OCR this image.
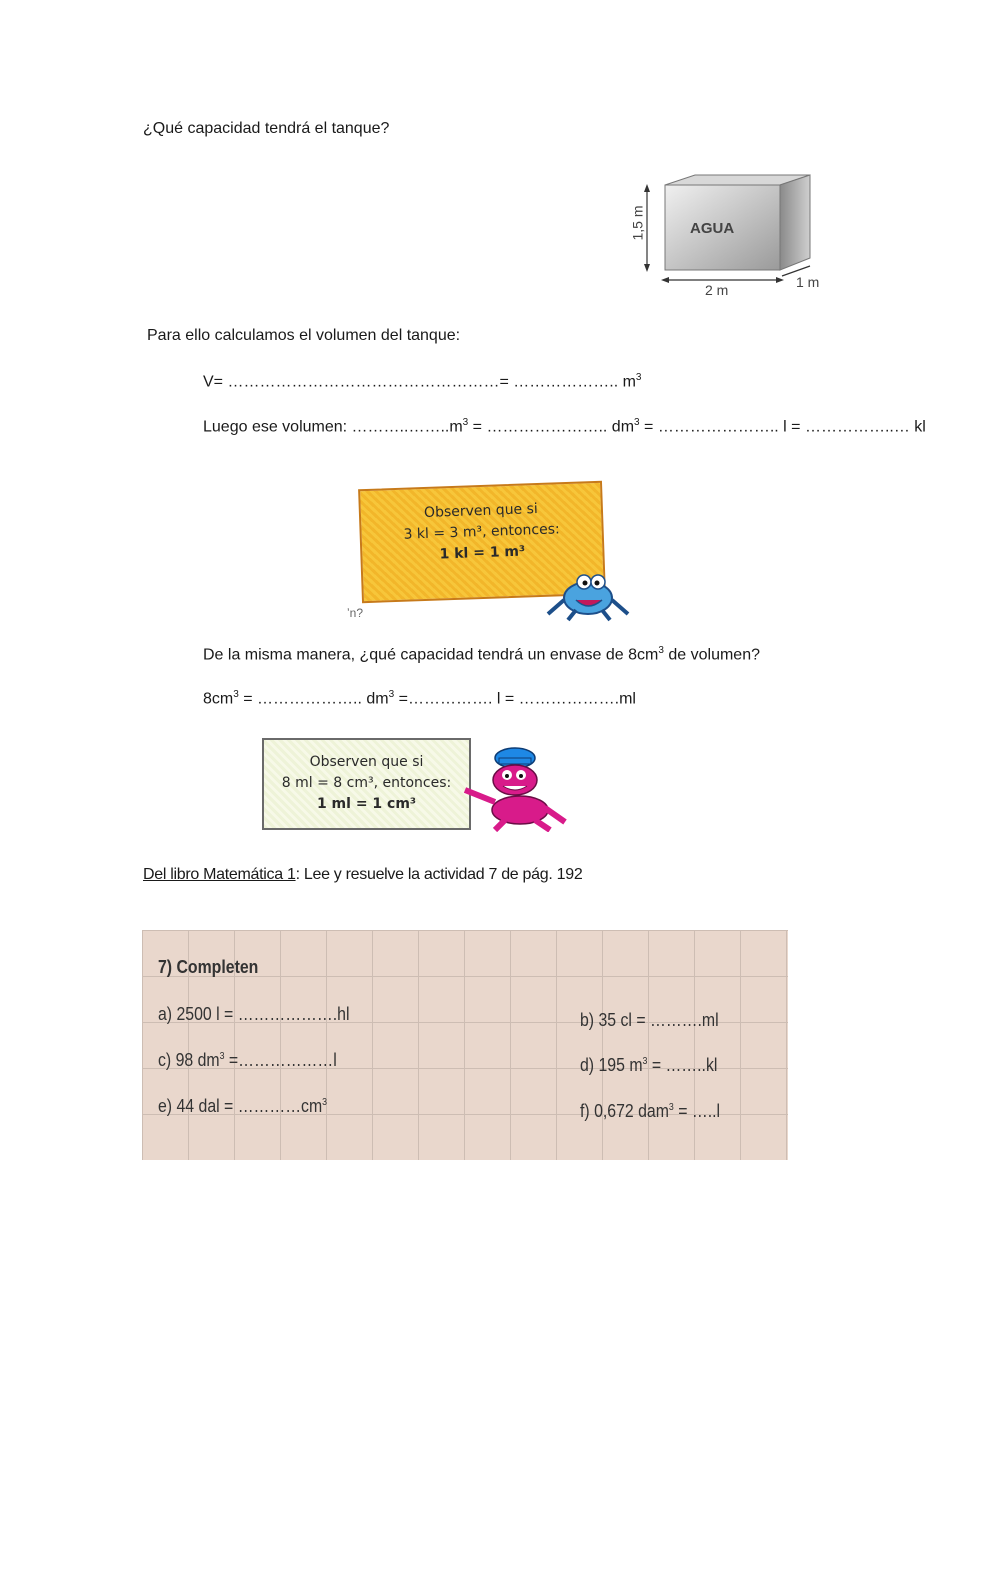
¿Qué capacidad tendrá el tanque?
AGUA
1,5 m
2 m	1 m
Para ello calculamos el volumen del tanque:
V= ……………………………………………= ……………….. $m^3$
Luego ese volumen: $\dots\dots\dots..\dots\dots..m^3$ = ………………….. $dm^3$ = ………………….. l = ……………..… kl
Observen que si
3 kl = 3 m³, entonces:
1 kl = 1 m³
ʼn?
De la misma manera, ¿qué capacidad tendrá un envase de $8cm^3$ de volumen?
$8cm^3$ = ……………….. $dm^3$ =……………. l = ……………….ml
Observen que si
8 ml = 8 cm³, entonces:
1 ml = 1 cm³
Del libro Matemática 1: Lee y resuelve la actividad 7 de pág. 192
7) Completen
a) 2500 l = ……………….hl	b) 35 cl = ……….ml
c) 98 $dm^3$ =………………l	d) 195 $m^3$ = ……..kl
e) 44 dal = $\dots\dots\dots\dots cm^3$	f) 0,672 dam$^3$ = …..l
